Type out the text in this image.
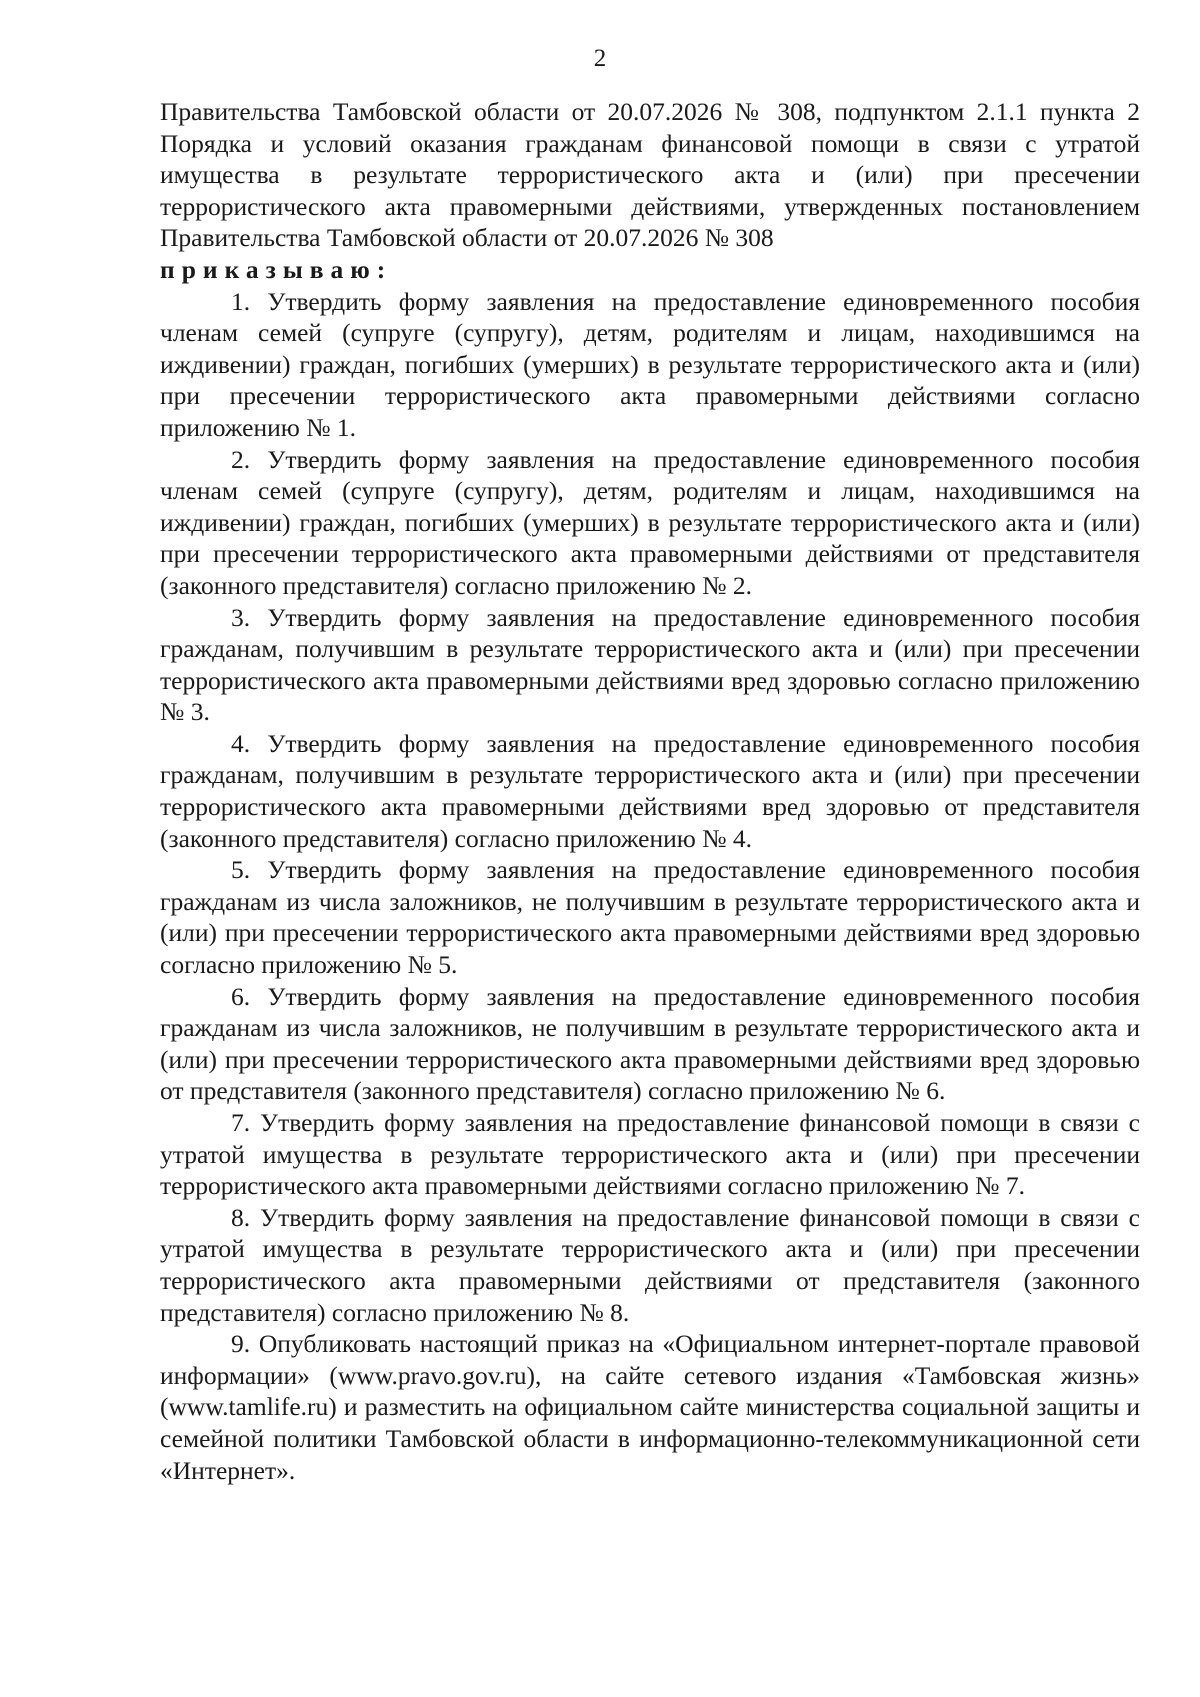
2

Правительства Тамбовской области от 20.07.2026 № 308, подпунктом 2.1.1 пункта 2 Порядка и условий оказания гражданам финансовой помощи в связи с утратой имущества в результате террористического акта и (или) при пресечении террористического акта правомерными действиями, утвержденных постановлением Правительства Тамбовской области от 20.07.2026 № 308

приказываю:

1. Утвердить форму заявления на предоставление единовременного пособия членам семей (супруге (супругу), детям, родителям и лицам, находившимся на иждивении) граждан, погибших (умерших) в результате террористического акта и (или) при пресечении террористического акта правомерными действиями согласно приложению № 1.

2. Утвердить форму заявления на предоставление единовременного пособия членам семей (супруге (супругу), детям, родителям и лицам, находившимся на иждивении) граждан, погибших (умерших) в результате террористического акта и (или) при пресечении террористического акта правомерными действиями от представителя (законного представителя) согласно приложению № 2.

3. Утвердить форму заявления на предоставление единовременного пособия гражданам, получившим в результате террористического акта и (или) при пресечении террористического акта правомерными действиями вред здоровью согласно приложению № 3.

4. Утвердить форму заявления на предоставление единовременного пособия гражданам, получившим в результате террористического акта и (или) при пресечении террористического акта правомерными действиями вред здоровью от представителя (законного представителя) согласно приложению № 4.

5. Утвердить форму заявления на предоставление единовременного пособия гражданам из числа заложников, не получившим в результате террористического акта и (или) при пресечении террористического акта правомерными действиями вред здоровью согласно приложению № 5.

6. Утвердить форму заявления на предоставление единовременного пособия гражданам из числа заложников, не получившим в результате террористического акта и (или) при пресечении террористического акта правомерными действиями вред здоровью от представителя (законного представителя) согласно приложению № 6.

7. Утвердить форму заявления на предоставление финансовой помощи в связи с утратой имущества в результате террористического акта и (или) при пресечении террористического акта правомерными действиями согласно приложению № 7.

8. Утвердить форму заявления на предоставление финансовой помощи в связи с утратой имущества в результате террористического акта и (или) при пресечении террористического акта правомерными действиями от представителя (законного представителя) согласно приложению № 8.

9. Опубликовать настоящий приказ на «Официальном интернет-портале правовой информации» (www.pravo.gov.ru), на сайте сетевого издания «Тамбовская жизнь» (www.tamlife.ru) и разместить на официальном сайте министерства социальной защиты и семейной политики Тамбовской области в информационно-телекоммуникационной сети «Интернет».
